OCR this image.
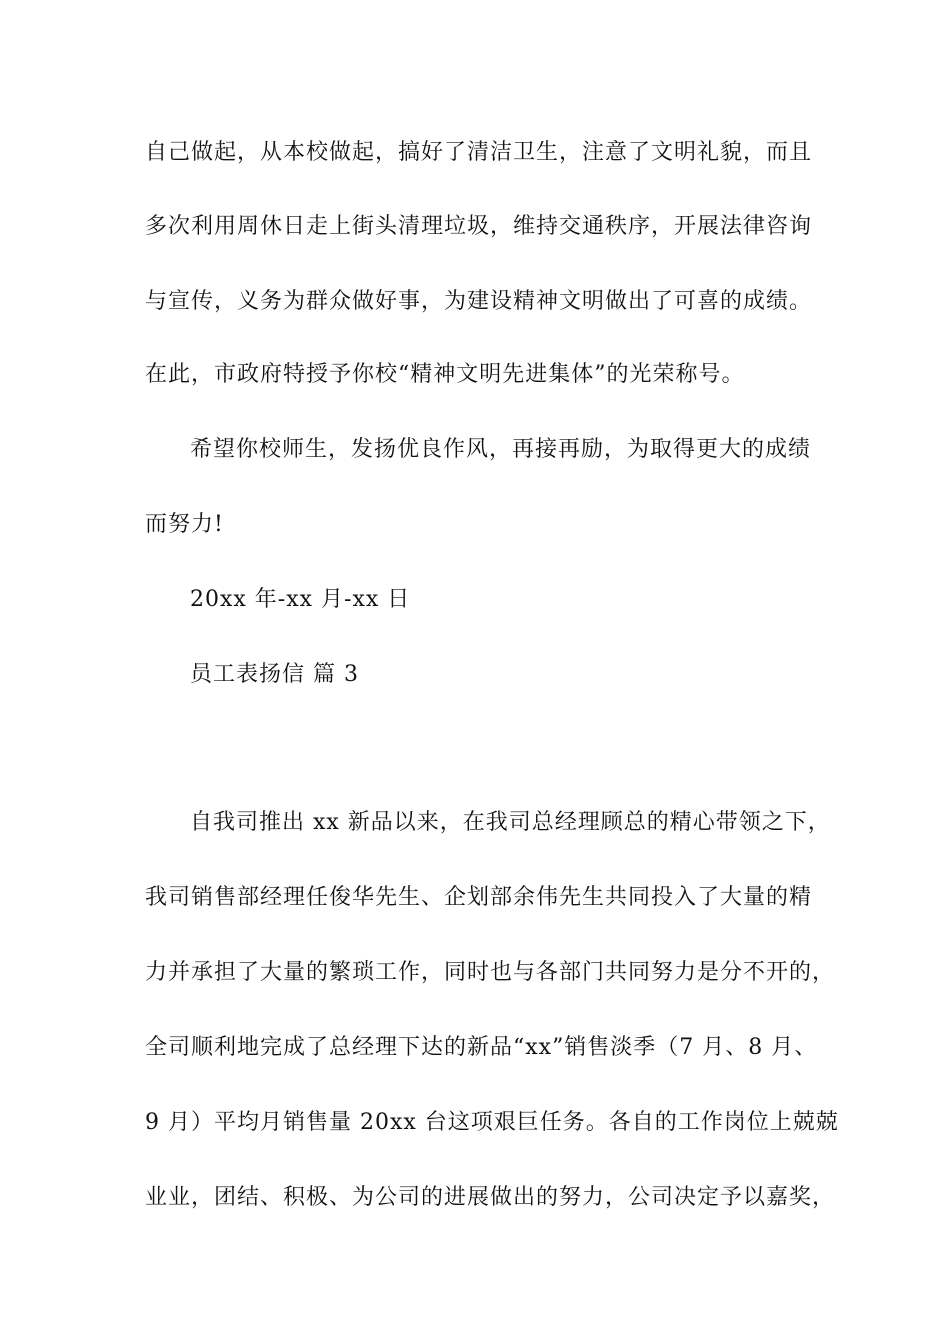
自己做起，从本校做起，搞好了清洁卫生，注意了文明礼貌，而且
多次利用周休日走上街头清理垃圾，维持交通秩序，开展法律咨询
与宣传，义务为群众做好事，为建设精神文明做出了可喜的成绩。
在此，市政府特授予你校“精神文明先进集体”的光荣称号。
希望你校师生，发扬优良作风，再接再励，为取得更大的成绩
而努力!
20xx 年-xx 月-xx 日
员工表扬信 篇 3
自我司推出 xx 新品以来，在我司总经理顾总的精心带领之下，
我司销售部经理任俊华先生、企划部余伟先生共同投入了大量的精
力并承担了大量的繁琐工作，同时也与各部门共同努力是分不开的，
全司顺利地完成了总经理下达的新品“xx”销售淡季（7 月、8 月、
9 月）平均月销售量 20xx 台这项艰巨任务。各自的工作岗位上兢兢
业业，团结、积极、为公司的进展做出的努力，公司决定予以嘉奖，
